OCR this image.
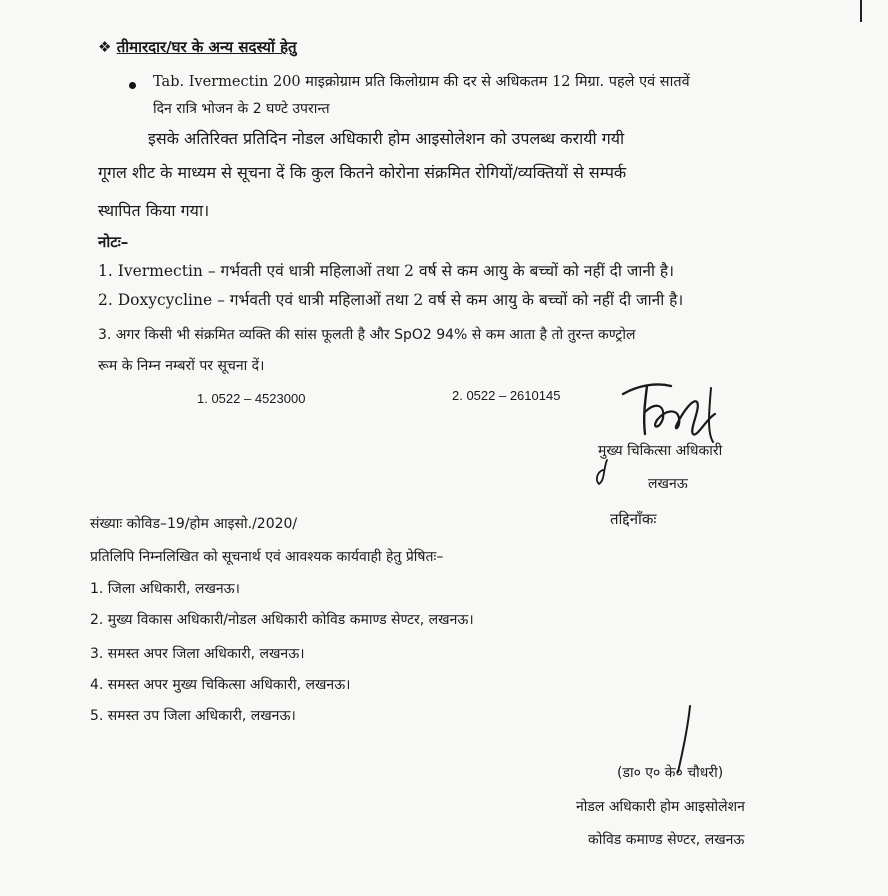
❖ तीमारदार/घर के अन्य सदस्यों हेतु
Tab. Ivermectin 200 माइक्रोग्राम प्रति किलोग्राम की दर से अधिकतम 12 मिग्रा. पहले एवं सातवें
दिन रात्रि भोजन के 2 घण्टे उपरान्त
इसके अतिरिक्त प्रतिदिन नोडल अधिकारी होम आइसोलेशन को उपलब्ध करायी गयी
गूगल शीट के माध्यम से सूचना दें कि कुल कितने कोरोना संक्रमित रोगियों/व्यक्तियों से सम्पर्क
स्थापित किया गया।
नोटः–
1. Ivermectin – गर्भवती एवं धात्री महिलाओं तथा 2 वर्ष से कम आयु के बच्चों को नहीं दी जानी है।
2. Doxycycline – गर्भवती एवं धात्री महिलाओं तथा 2 वर्ष से कम आयु के बच्चों को नहीं दी जानी है।
3. अगर किसी भी संक्रमित व्यक्ति की सांस फूलती है और SpO2 94% से कम आता है तो तुरन्त कण्ट्रोल
रूम के निम्न नम्बरों पर सूचना दें।
1. 0522 – 4523000	2. 0522 – 2610145
मुख्य चिकित्सा अधिकारी
लखनऊ
संख्याः कोविड–19/होम आइसो./2020/	तद्दिनाँकः
प्रतिलिपि निम्नलिखित को सूचनार्थ एवं आवश्यक कार्यवाही हेतु प्रेषितः–
1. जिला अधिकारी, लखनऊ।
2. मुख्य विकास अधिकारी/नोडल अधिकारी कोविड कमाण्ड सेण्टर, लखनऊ।
3. समस्त अपर जिला अधिकारी, लखनऊ।
4. समस्त अपर मुख्य चिकित्सा अधिकारी, लखनऊ।
5. समस्त उप जिला अधिकारी, लखनऊ।
(डा० ए० के० चौधरी)
नोडल अधिकारी होम आइसोलेशन
कोविड कमाण्ड सेण्टर, लखनऊ
